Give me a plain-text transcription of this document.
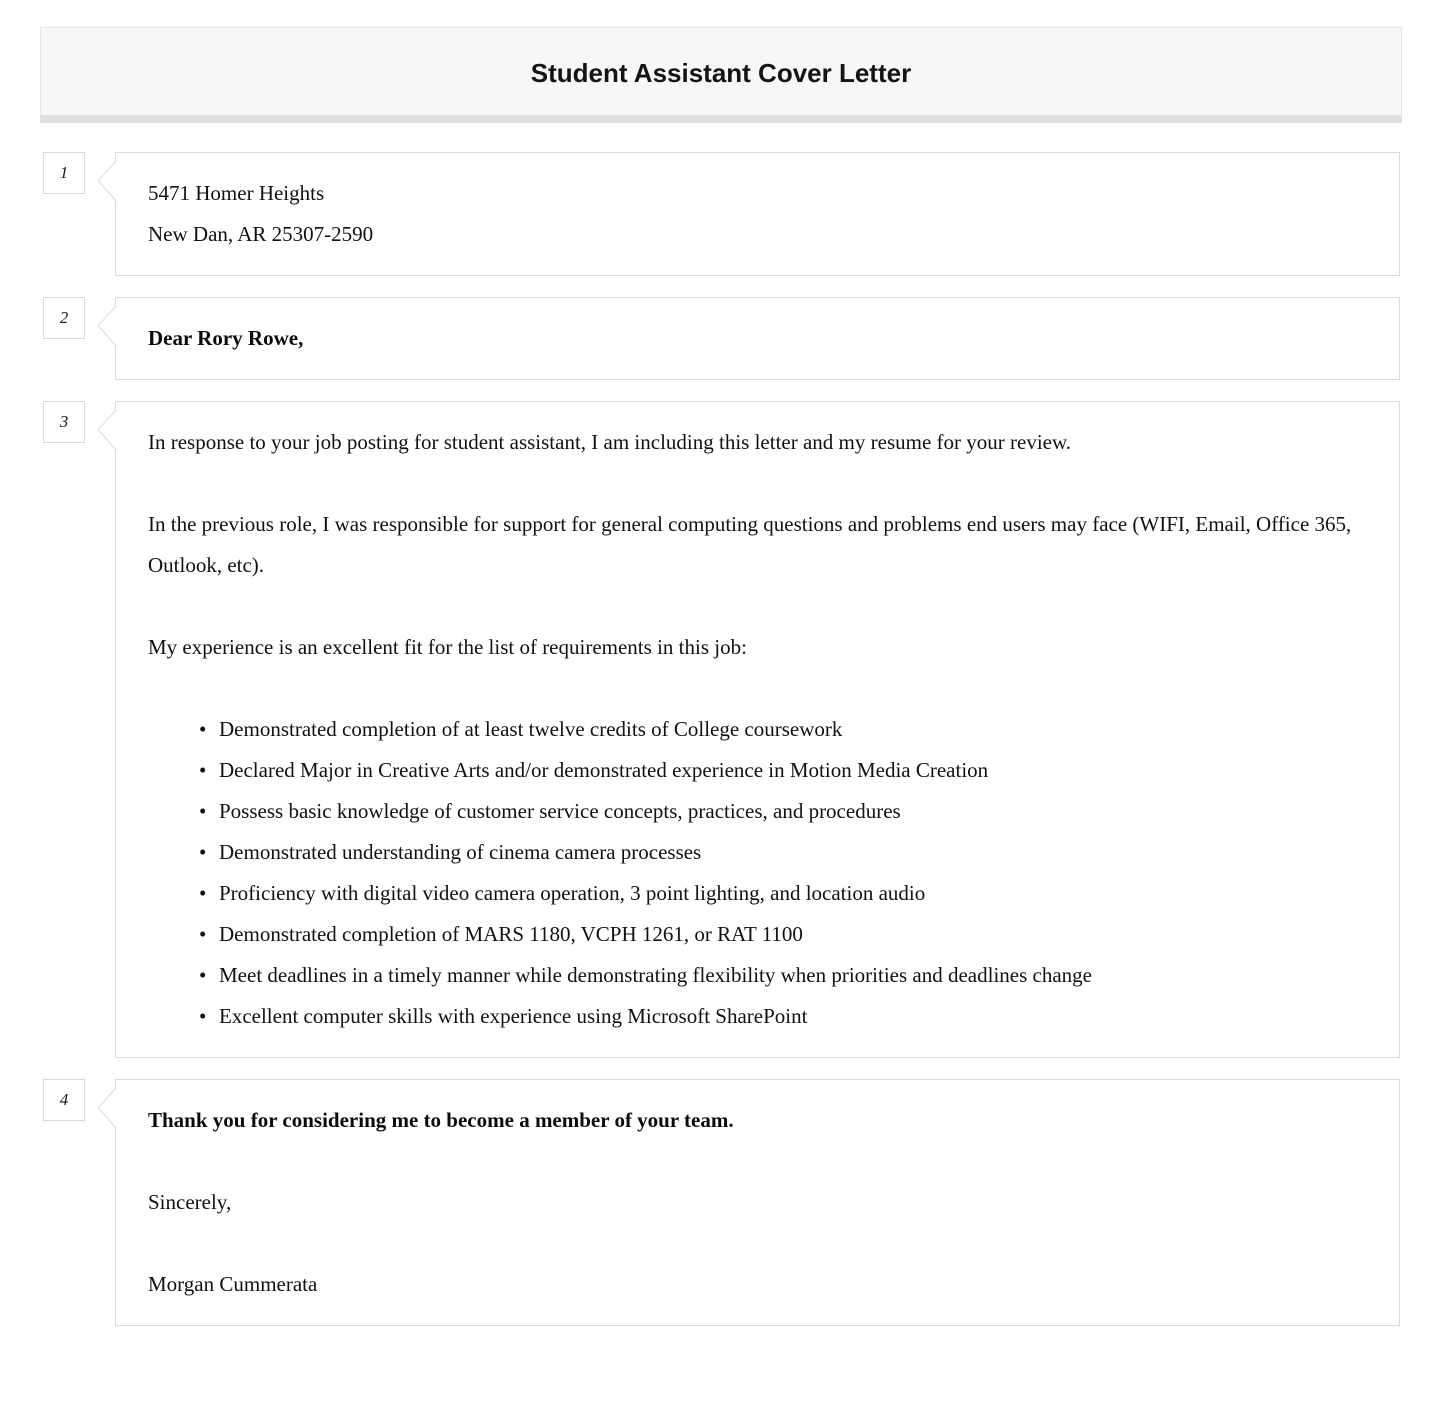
Student Assistant Cover Letter
1

5471 Homer Heights

New Dan, AR 25307-2590

2

Dear Rory Rowe,

3

In response to your job posting for student assistant, I am including this letter and my resume for your review.

In the previous role, I was responsible for support for general computing questions and problems end users may face (WIFI, Email, Office 365, Outlook, etc).

My experience is an excellent fit for the list of requirements in this job:

• Demonstrated completion of at least twelve credits of College coursework
• Declared Major in Creative Arts and/or demonstrated experience in Motion Media Creation
• Possess basic knowledge of customer service concepts, practices, and procedures
• Demonstrated understanding of cinema camera processes
• Proficiency with digital video camera operation, 3 point lighting, and location audio
• Demonstrated completion of MARS 1180, VCPH 1261, or RAT 1100
• Meet deadlines in a timely manner while demonstrating flexibility when priorities and deadlines change
• Excellent computer skills with experience using Microsoft SharePoint
4

Thank you for considering me to become a member of your team.

Sincerely,

Morgan Cummerata
